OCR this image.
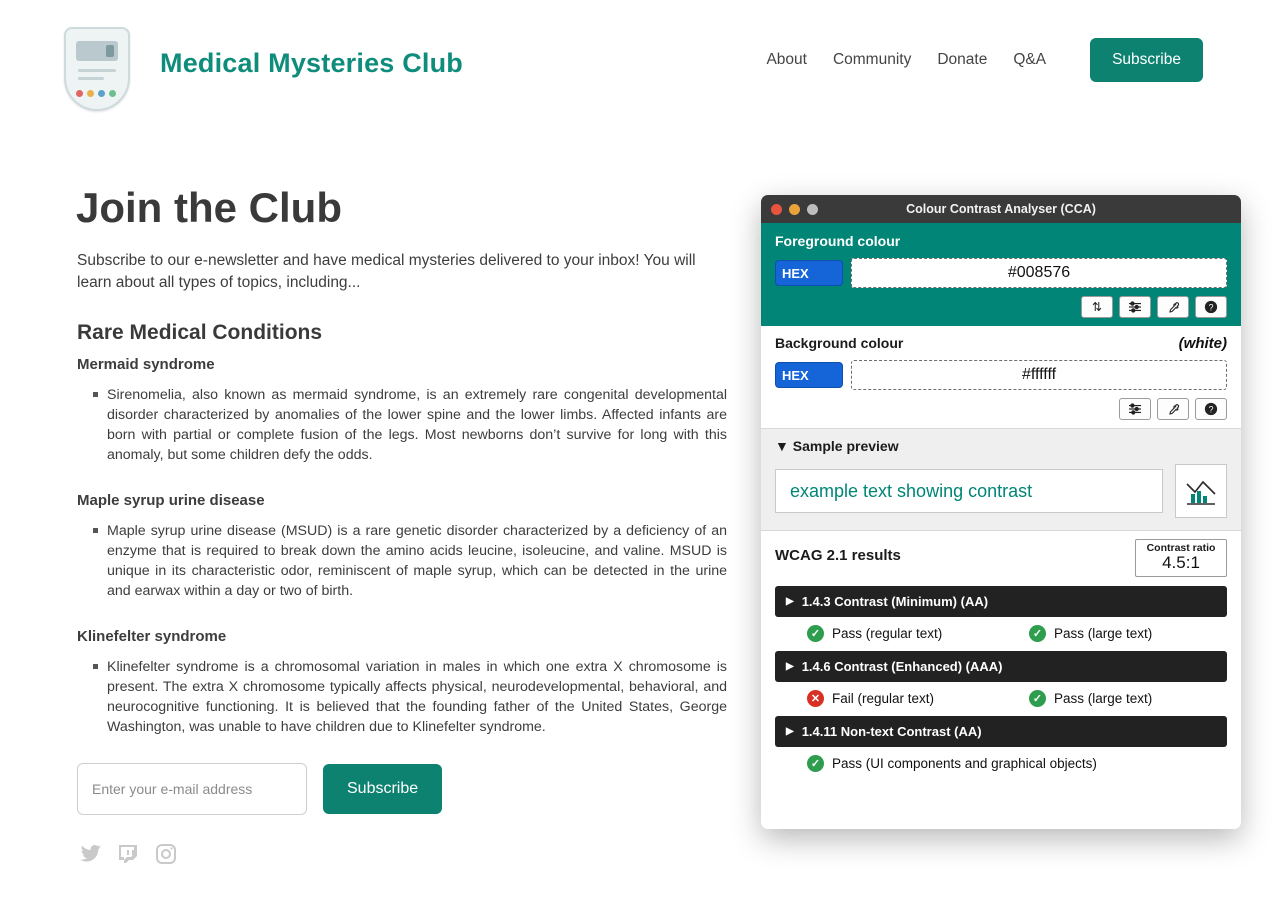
Medical Mysteries Club	About Community Donate Q&A	Subscribe
Join the Club

Subscribe to our e-newsletter and have medical mysteries delivered to your inbox! You will learn about all types of topics, including...

Rare Medical Conditions
Mermaid syndrome
Sirenomelia, also known as mermaid syndrome, is an extremely rare congenital developmental disorder characterized by anomalies of the lower spine and the lower limbs. Affected infants are born with partial or complete fusion of the legs. Most newborns don’t survive for long with this anomaly, but some children defy the odds.
Maple syrup urine disease
Maple syrup urine disease (MSUD) is a rare genetic disorder characterized by a deficiency of an enzyme that is required to break down the amino acids leucine, isoleucine, and valine. MSUD is unique in its characteristic odor, reminiscent of maple syrup, which can be detected in the urine and earwax within a day or two of birth.
Klinefelter syndrome
Klinefelter syndrome is a chromosomal variation in males in which one extra X chromosome is present. The extra X chromosome typically affects physical, neurodevelopmental, behavioral, and neurocognitive functioning. It is believed that the founding father of the United States, George Washington, was unable to have children due to Klinefelter syndrome.
Enter your e-mail address
Subscribe
Colour Contrast Analyser (CCA)
Foreground colour
HEX
#008576
⇅	?
Background colour	(white)
HEX
#ffffff
?
▼ Sample preview
example text showing contrast
WCAG 2.1 results	Contrast ratio
4.5:1
▶ 1.4.3 Contrast (Minimum) (AA)
✓ Pass (regular text)	✓ Pass (large text)
▶ 1.4.6 Contrast (Enhanced) (AAA)
✕ Fail (regular text)	✓ Pass (large text)
▶ 1.4.11 Non-text Contrast (AA)
✓ Pass (UI components and graphical objects)
